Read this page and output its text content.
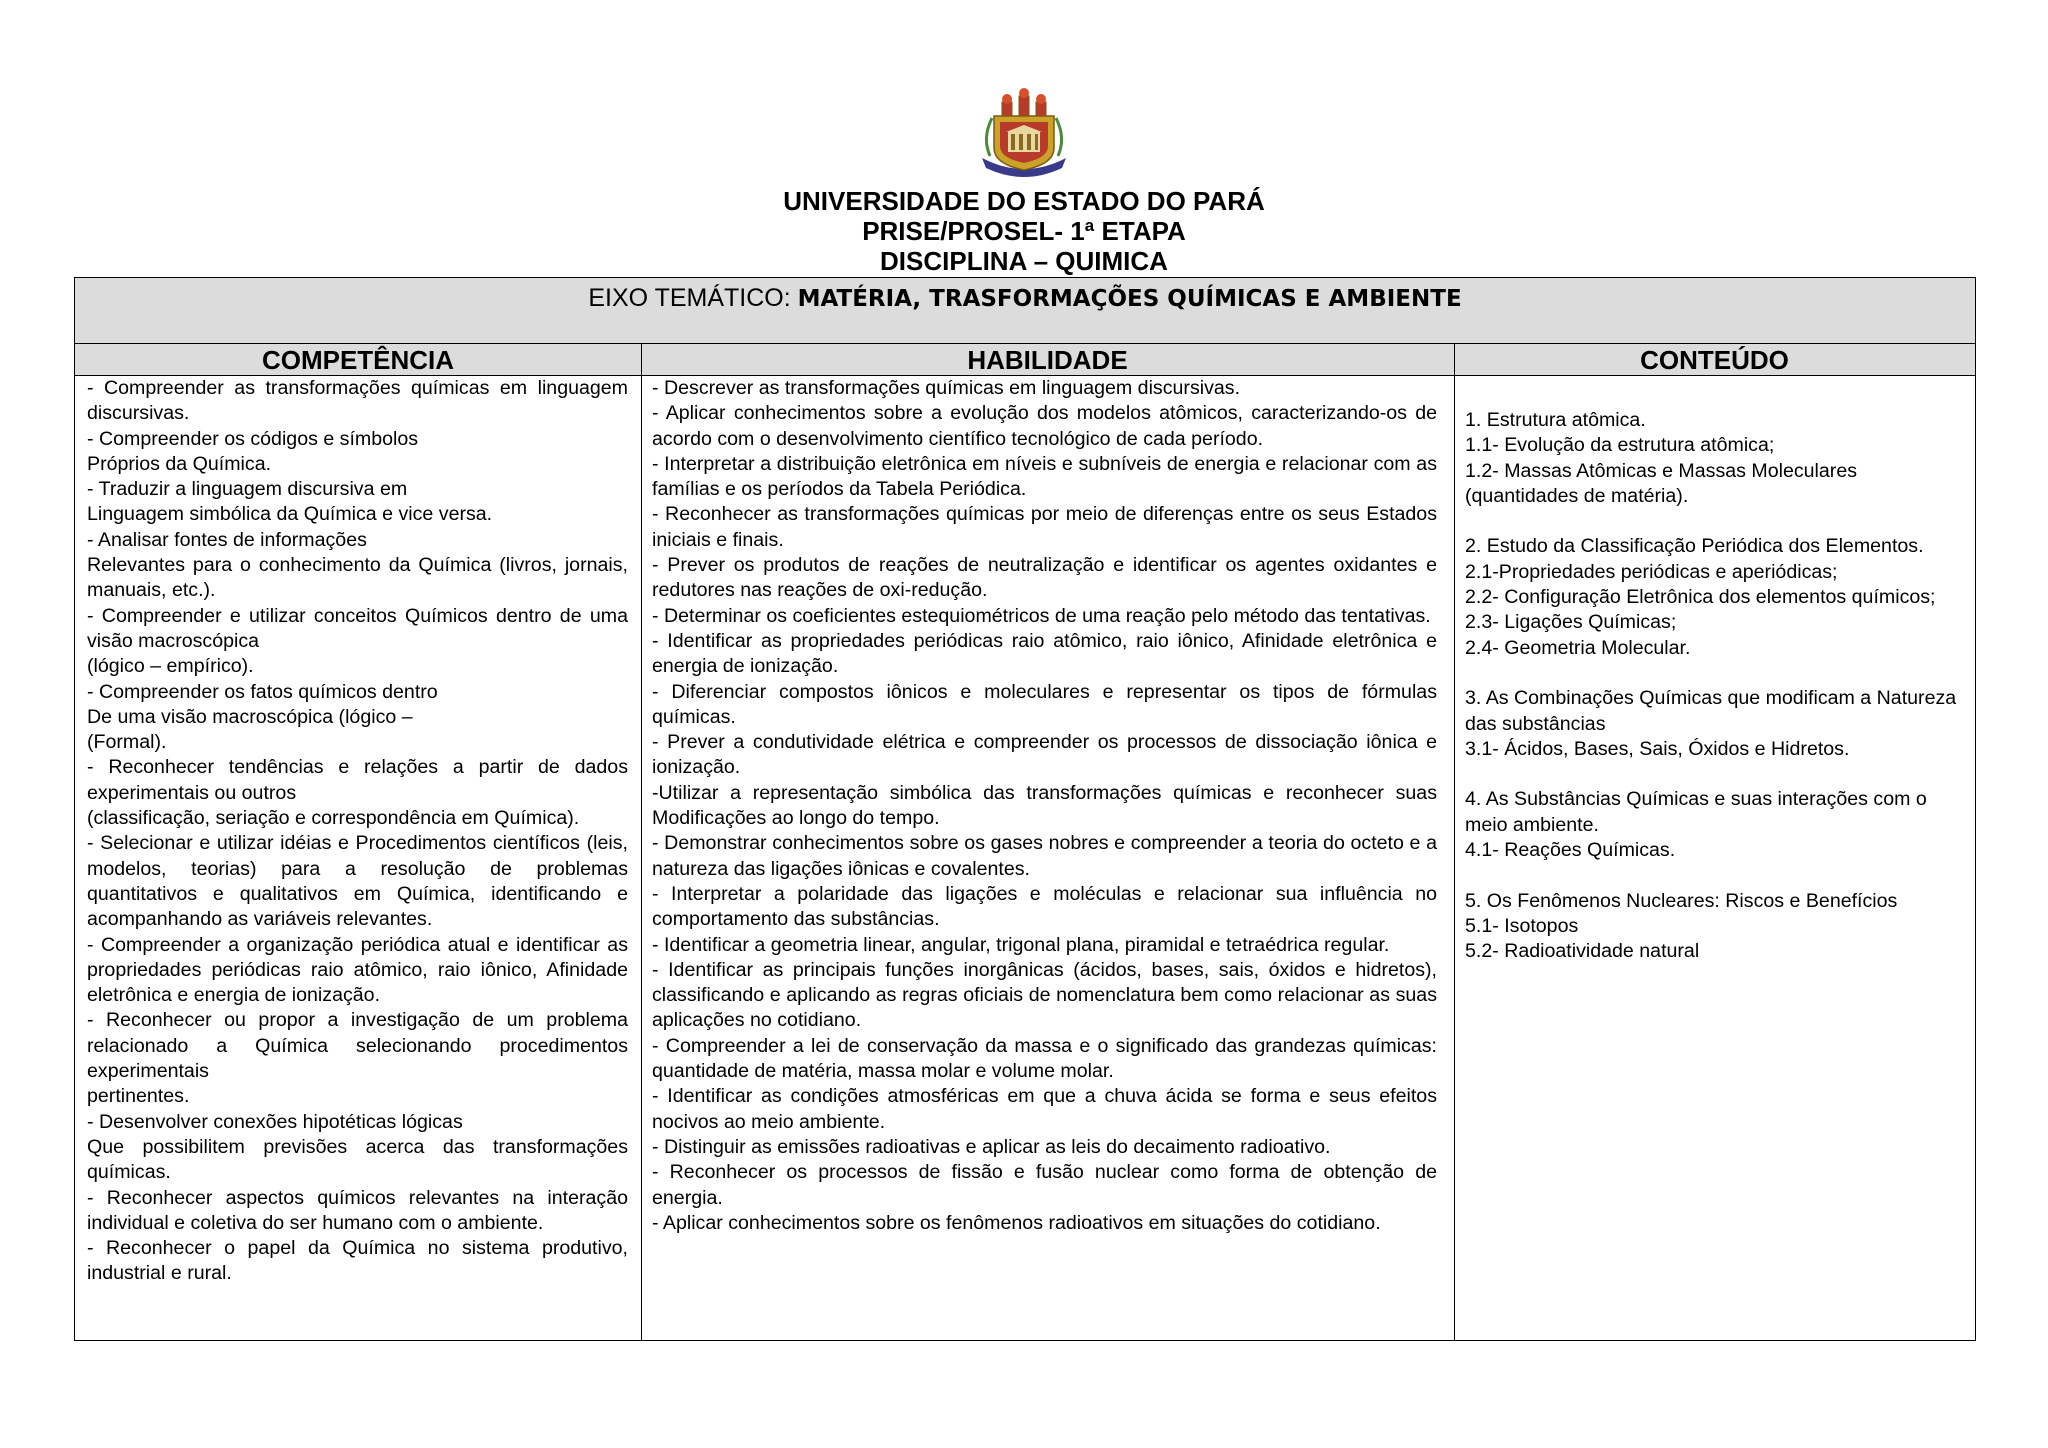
UNIVERSIDADE DO ESTADO DO PARÁ
PRISE/PROSEL- 1ª ETAPA
DISCIPLINA – QUIMICA
EIXO TEMÁTICO: MATÉRIA, TRASFORMAÇÕES QUÍMICAS E AMBIENTE
COMPETÊNCIA	HABILIDADE	CONTEÚDO

- Compreender as transformações químicas em linguagem discursivas.

- Compreender os códigos e símbolos

Próprios da Química.

- Traduzir a linguagem discursiva em

Linguagem simbólica da Química e vice versa.

- Analisar fontes de informações

Relevantes para o conhecimento da Química (livros, jornais, manuais, etc.).

- Compreender e utilizar conceitos Químicos dentro de uma visão macroscópica

(lógico – empírico).

- Compreender os fatos químicos dentro

De uma visão macroscópica (lógico –

(Formal).

- Reconhecer tendências e relações a partir de dados experimentais ou outros

(classificação, seriação e correspondência em Química).

- Selecionar e utilizar idéias e Procedimentos científicos (leis, modelos, teorias) para a resolução de problemas quantitativos e qualitativos em Química, identificando e acompanhando as variáveis relevantes.

- Compreender a organização periódica atual e identificar as propriedades periódicas raio atômico, raio iônico, Afinidade eletrônica e energia de ionização.

- Reconhecer ou propor a investigação de um problema relacionado a Química selecionando procedimentos experimentais

pertinentes.

- Desenvolver conexões hipotéticas lógicas

Que possibilitem previsões acerca das transformações químicas.

- Reconhecer aspectos químicos relevantes na interação individual e coletiva do ser humano com o ambiente.

- Reconhecer o papel da Química no sistema produtivo, industrial e rural.

- Descrever as transformações químicas em linguagem discursivas.

- Aplicar conhecimentos sobre a evolução dos modelos atômicos, caracterizando-os de acordo com o desenvolvimento científico tecnológico de cada período.

- Interpretar a distribuição eletrônica em níveis e subníveis de energia e relacionar com as famílias e os períodos da Tabela Periódica.

- Reconhecer as transformações químicas por meio de diferenças entre os seus Estados iniciais e finais.

- Prever os produtos de reações de neutralização e identificar os agentes oxidantes e redutores nas reações de oxi-redução.

- Determinar os coeficientes estequiométricos de uma reação pelo método das tentativas.

- Identificar as propriedades periódicas raio atômico, raio iônico, Afinidade eletrônica e energia de ionização.

- Diferenciar compostos iônicos e moleculares e representar os tipos de fórmulas químicas.

- Prever a condutividade elétrica e compreender os processos de dissociação iônica e ionização.

-Utilizar a representação simbólica das transformações químicas e reconhecer suas Modificações ao longo do tempo.

- Demonstrar conhecimentos sobre os gases nobres e compreender a teoria do octeto e a natureza das ligações iônicas e covalentes.

- Interpretar a polaridade das ligações e moléculas e relacionar sua influência no comportamento das substâncias.

- Identificar a geometria linear, angular, trigonal plana, piramidal e tetraédrica regular.

- Identificar as principais funções inorgânicas (ácidos, bases, sais, óxidos e hidretos), classificando e aplicando as regras oficiais de nomenclatura bem como relacionar as suas aplicações no cotidiano.

- Compreender a lei de conservação da massa e o significado das grandezas químicas: quantidade de matéria, massa molar e volume molar.

- Identificar as condições atmosféricas em que a chuva ácida se forma e seus efeitos nocivos ao meio ambiente.

- Distinguir as emissões radioativas e aplicar as leis do decaimento radioativo.

- Reconhecer os processos de fissão e fusão nuclear como forma de obtenção de energia.

- Aplicar conhecimentos sobre os fenômenos radioativos em situações do cotidiano.

1. Estrutura atômica.

1.1- Evolução da estrutura atômica;

1.2- Massas Atômicas e Massas Moleculares (quantidades de matéria).

2. Estudo da Classificação Periódica dos Elementos.

2.1-Propriedades periódicas e aperiódicas;

2.2- Configuração Eletrônica dos elementos químicos;

2.3- Ligações Químicas;

2.4- Geometria Molecular.

3. As Combinações Químicas que modificam a Natureza das substâncias

3.1- Ácidos, Bases, Sais, Óxidos e Hidretos.

4. As Substâncias Químicas e suas interações com o meio ambiente.

4.1- Reações Químicas.

5. Os Fenômenos Nucleares: Riscos e Benefícios

5.1- Isotopos

5.2- Radioatividade natural
